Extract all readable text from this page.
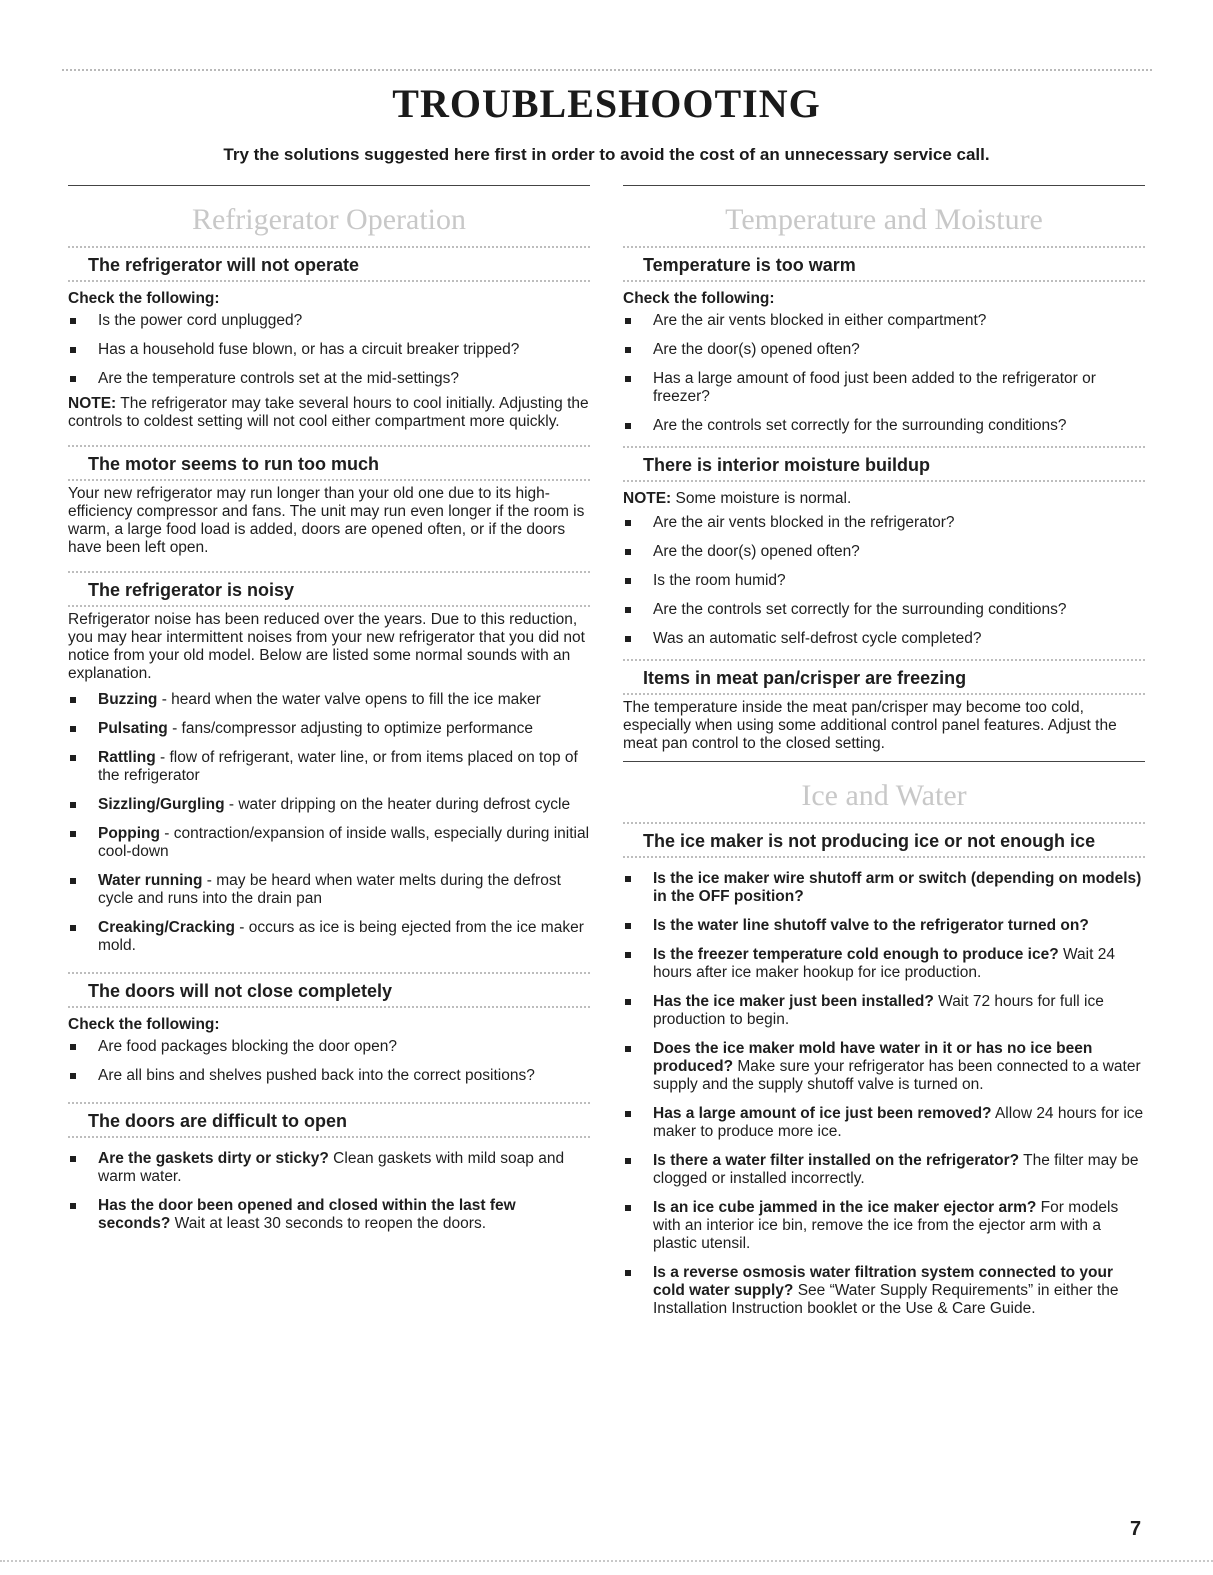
TROUBLESHOOTING
Try the solutions suggested here first in order to avoid the cost of an unnecessary service call.
Refrigerator Operation
The refrigerator will not operate
Check the following:
Is the power cord unplugged?
Has a household fuse blown, or has a circuit breaker tripped?
Are the temperature controls set at the mid-settings?
NOTE: The refrigerator may take several hours to cool initially. Adjusting the controls to coldest setting will not cool either compartment more quickly.
The motor seems to run too much
Your new refrigerator may run longer than your old one due to its high-efficiency compressor and fans. The unit may run even longer if the room is warm, a large food load is added, doors are opened often, or if the doors have been left open.
The refrigerator is noisy
Refrigerator noise has been reduced over the years. Due to this reduction, you may hear intermittent noises from your new refrigerator that you did not notice from your old model. Below are listed some normal sounds with an explanation.
Buzzing - heard when the water valve opens to fill the ice maker
Pulsating - fans/compressor adjusting to optimize performance
Rattling - flow of refrigerant, water line, or from items placed on top of the refrigerator
Sizzling/Gurgling - water dripping on the heater during defrost cycle
Popping - contraction/expansion of inside walls, especially during initial cool-down
Water running - may be heard when water melts during the defrost cycle and runs into the drain pan
Creaking/Cracking - occurs as ice is being ejected from the ice maker mold.
The doors will not close completely
Check the following:
Are food packages blocking the door open?
Are all bins and shelves pushed back into the correct positions?
The doors are difficult to open
Are the gaskets dirty or sticky? Clean gaskets with mild soap and warm water.
Has the door been opened and closed within the last few seconds? Wait at least 30 seconds to reopen the doors.
Temperature and Moisture
Temperature is too warm
Check the following:
Are the air vents blocked in either compartment?
Are the door(s) opened often?
Has a large amount of food just been added to the refrigerator or freezer?
Are the controls set correctly for the surrounding conditions?
There is interior moisture buildup
NOTE: Some moisture is normal.
Are the air vents blocked in the refrigerator?
Are the door(s) opened often?
Is the room humid?
Are the controls set correctly for the surrounding conditions?
Was an automatic self-defrost cycle completed?
Items in meat pan/crisper are freezing
The temperature inside the meat pan/crisper may become too cold, especially when using some additional control panel features. Adjust the meat pan control to the closed setting.
Ice and Water
The ice maker is not producing ice or not enough ice
Is the ice maker wire shutoff arm or switch (depending on models) in the OFF position?
Is the water line shutoff valve to the refrigerator turned on?
Is the freezer temperature cold enough to produce ice? Wait 24 hours after ice maker hookup for ice production.
Has the ice maker just been installed? Wait 72 hours for full ice production to begin.
Does the ice maker mold have water in it or has no ice been produced? Make sure your refrigerator has been connected to a water supply and the supply shutoff valve is turned on.
Has a large amount of ice just been removed? Allow 24 hours for ice maker to produce more ice.
Is there a water filter installed on the refrigerator? The filter may be clogged or installed incorrectly.
Is an ice cube jammed in the ice maker ejector arm? For models with an interior ice bin, remove the ice from the ejector arm with a plastic utensil.
Is a reverse osmosis water filtration system connected to your cold water supply? See “Water Supply Requirements” in either the Installation Instruction booklet or the Use & Care Guide.
7
